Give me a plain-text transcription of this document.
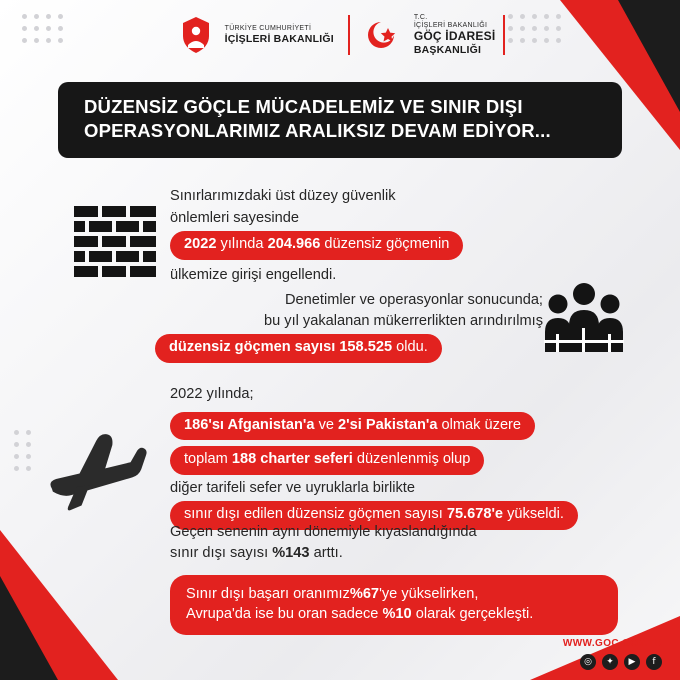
TÜRKİYE CUMHURİYETİ
İÇİŞLERİ BAKANLIĞI
T.C.
İÇİŞLERİ BAKANLIĞI
GÖÇ İDARESİ
BAŞKANLIĞI
DÜZENSİZ GÖÇLE MÜCADELEMİZ VE SINIR DIŞI OPERASYONLARIMIZ ARALIKSIZ DEVAM EDİYOR...
Sınırlarımızdaki üst düzey güvenlik
önlemleri sayesinde
2022 yılında 204.966 düzensiz göçmenin
ülkemize girişi engellendi.
Denetimler ve operasyonlar sonucunda;
bu yıl yakalanan mükerrerlikten arındırılmış
düzensiz göçmen sayısı 158.525 oldu.
2022 yılında;
186'sı Afganistan'a ve 2'si Pakistan'a olmak üzere toplam 188 charter seferi düzenlenmiş olup
diğer tarifeli sefer ve uyruklarla birlikte
sınır dışı edilen düzensiz göçmen sayısı 75.678'e yükseldi.
Geçen senenin aynı dönemiyle kıyaslandığında
sınır dışı sayısı %143 arttı.
Sınır dışı başarı oranımız%67'ye yükselirken,
Avrupa'da ise bu oran sadece %10 olarak gerçekleşti.
WWW.GOC.GOV.TR
◎	✦	▶	f
